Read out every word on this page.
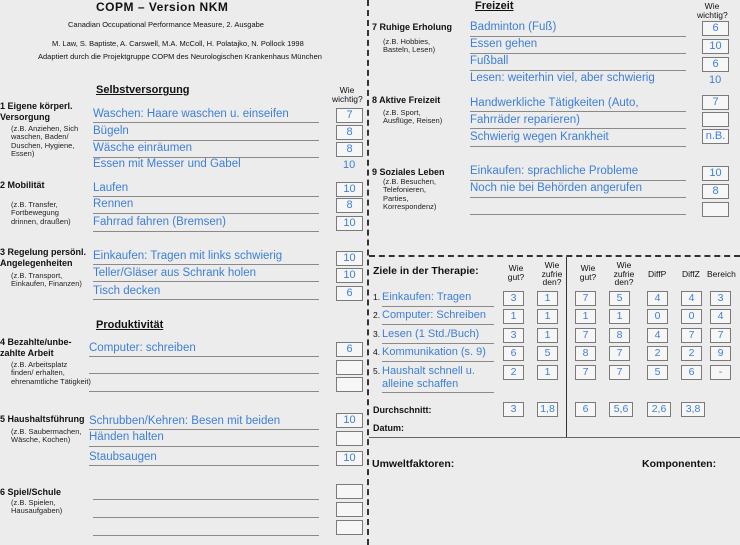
COPM – Version NKM
Canadian Occupational Performance Measure, 2. Ausgabe
M. Law, S. Baptiste, A. Carswell, M.A. McColl, H. Polatajko, N. Pollock 1998
Adaptiert durch die Projektgruppe COPM des Neurologischen Krankenhaus München
Selbstversorgung	Wie wichtig?
1 Eigene körperl. Versorgung
(z.B. Anziehen, Sich waschen, Baden/ Duschen, Hygiene, Essen)
Waschen: Haare waschen u. einseifen	7
Bügeln	8
Wäsche einräumen	8
Essen mit Messer und Gabel	10
2 Mobilität
(z.B. Transfer, Fortbewegung drinnen, draußen)
Laufen	10
Rennen	8
Fahrrad fahren (Bremsen)	10
3 Regelung persönl. Angelegenheiten
(z.B. Transport, Einkaufen, Finanzen)
Einkaufen: Tragen mit links schwierig	10
Teller/Gläser aus Schrank holen	10
Tisch decken	6
Produktivität
4 Bezahlte/unbe-zahlte Arbeit
(z.B. Arbeitsplatz finden/ erhalten, ehrenamtliche Tätigkeit)
Computer: schreiben	6
5 Haushaltsführung
(z.B. Saubermachen, Wäsche, Kochen)
Schrubben/Kehren: Besen mit beiden	10
Händen halten
Staubsaugen	10
6 Spiel/Schule
(z.B. Spielen, Hausaufgaben)
Freizeit	Wie wichtig?
7 Ruhige Erholung
(z.B. Hobbies, Basteln, Lesen)
Badminton (Fuß)	6
Essen gehen	10
Fußball	6
Lesen: weiterhin viel, aber schwierig	10
8 Aktive Freizeit
(z.B. Sport, Ausflüge, Reisen)
Handwerkliche Tätigkeiten (Auto,	7
Fahrräder reparieren)
Schwierig wegen Krankheit	n.B.
9 Soziales Leben
(z.B. Besuchen, Telefonieren, Parties, Korrespondenz)
Einkaufen: sprachliche Probleme	10
Noch nie bei Behörden angerufen	8
Ziele in der Therapie:	Wie gut?
Wie zufrie den?
Wie gut?
Wie zufrie den?
DiffP DiffZ Bereich
1. Einkaufen: Tragen	3	1	7	5	4	4	3
2. Computer: Schreiben	1	1	1	1	0	0	4
3. Lesen (1 Std./Buch)	3	1	7	8	4	7	7
4. Kommunikation (s. 9)	6	5	8	7	2	2	9
5. Haushalt schnell u. alleine schaffen
2	1	7	7	5	6	-
Durchschnitt:	3	1,8	6	5,6	2,6	3,8
Datum:
Umweltfaktoren:	Komponenten:
